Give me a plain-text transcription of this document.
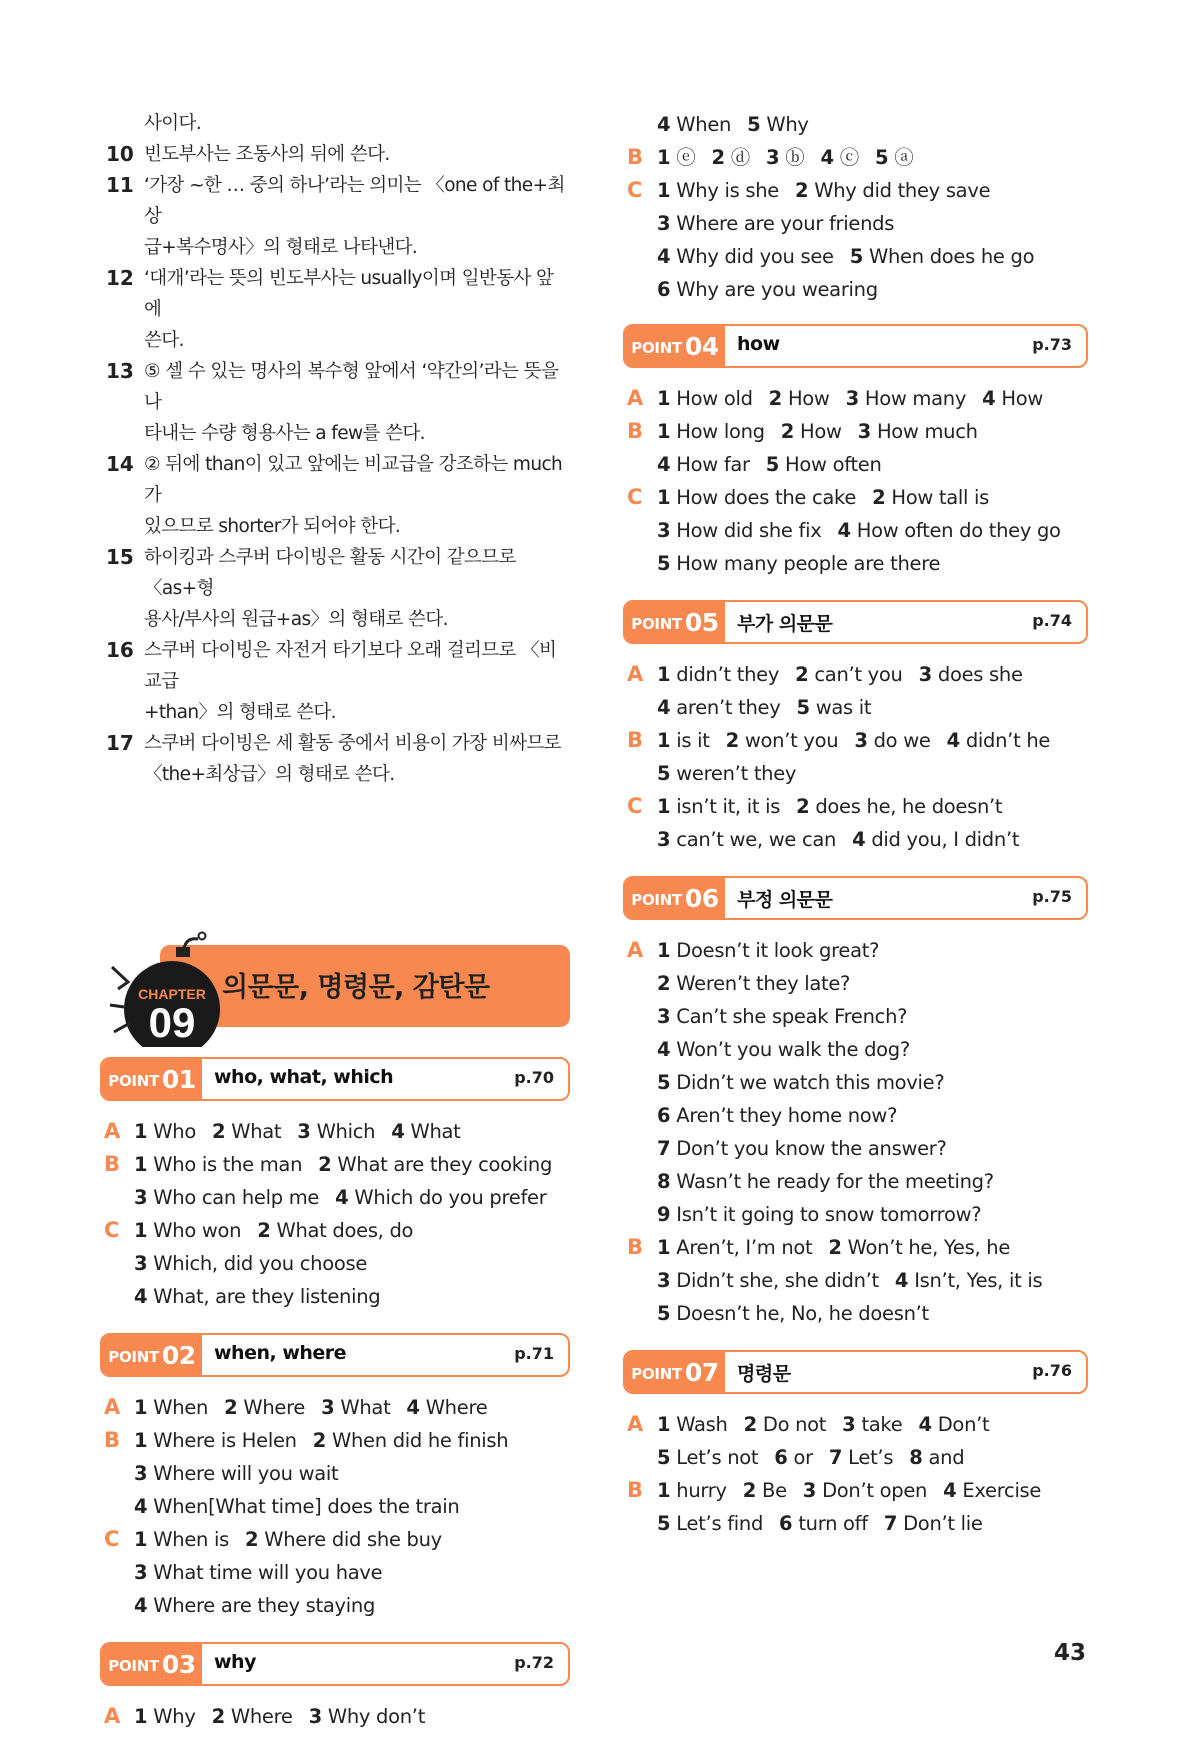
사이다.
10 빈도부사는 조동사의 뒤에 쓴다.
11 ‘가장 ~한 … 중의 하나’라는 의미는 〈one of the+최상
급+복수명사〉의 형태로 나타낸다.
12 ‘대개’라는 뜻의 빈도부사는 usually이며 일반동사 앞에
쓴다.
13 ⑤ 셀 수 있는 명사의 복수형 앞에서 ‘약간의’라는 뜻을 나
타내는 수량 형용사는 a few를 쓴다.
14 ② 뒤에 than이 있고 앞에는 비교급을 강조하는 much가
있으므로 shorter가 되어야 한다.
15 하이킹과 스쿠버 다이빙은 활동 시간이 같으므로 〈as+형
용사/부사의 원급+as〉의 형태로 쓴다.
16 스쿠버 다이빙은 자전거 타기보다 오래 걸리므로 〈비교급
+than〉의 형태로 쓴다.
17 스쿠버 다이빙은 세 활동 중에서 비용이 가장 비싸므로
〈the+최상급〉의 형태로 쓴다.
CHAPTER
09
의문문, 명령문, 감탄문
POINT 01 who, what, which	p.70
A 1 Who 2 What 3 Which 4 What
B 1 Who is the man 2 What are they cooking
3 Who can help me 4 Which do you prefer
C 1 Who won 2 What does, do
3 Which, did you choose
4 What, are they listening
POINT 02 when, where	p.71
A 1 When 2 Where 3 What 4 Where
B 1 Where is Helen 2 When did he finish
3 Where will you wait
4 When[What time] does the train
C 1 When is 2 Where did she buy
3 What time will you have
4 Where are they staying
POINT 03 why	p.72
A 1 Why 2 Where 3 Why don’t
4 When 5 Why
B 1 ⓔ 2 ⓓ 3 ⓑ 4 ⓒ 5 ⓐ
C 1 Why is she 2 Why did they save
3 Where are your friends
4 Why did you see 5 When does he go
6 Why are you wearing
POINT 04 how	p.73
A 1 How old 2 How 3 How many 4 How
B 1 How long 2 How 3 How much
4 How far 5 How often
C 1 How does the cake 2 How tall is
3 How did she fix 4 How often do they go
5 How many people are there
POINT 05 부가 의문문	p.74
A 1 didn’t they 2 can’t you 3 does she
4 aren’t they 5 was it
B 1 is it 2 won’t you 3 do we 4 didn’t he
5 weren’t they
C 1 isn’t it, it is 2 does he, he doesn’t
3 can’t we, we can 4 did you, I didn’t
POINT 06 부정 의문문	p.75
A 1 Doesn’t it look great?
2 Weren’t they late?
3 Can’t she speak French?
4 Won’t you walk the dog?
5 Didn’t we watch this movie?
6 Aren’t they home now?
7 Don’t you know the answer?
8 Wasn’t he ready for the meeting?
9 Isn’t it going to snow tomorrow?
B 1 Aren’t, I’m not 2 Won’t he, Yes, he
3 Didn’t she, she didn’t 4 Isn’t, Yes, it is
5 Doesn’t he, No, he doesn’t
POINT 07 명령문	p.76
A 1 Wash 2 Do not 3 take 4 Don’t
5 Let’s not 6 or 7 Let’s 8 and
B 1 hurry 2 Be 3 Don’t open 4 Exercise
5 Let’s find 6 turn off 7 Don’t lie
43
